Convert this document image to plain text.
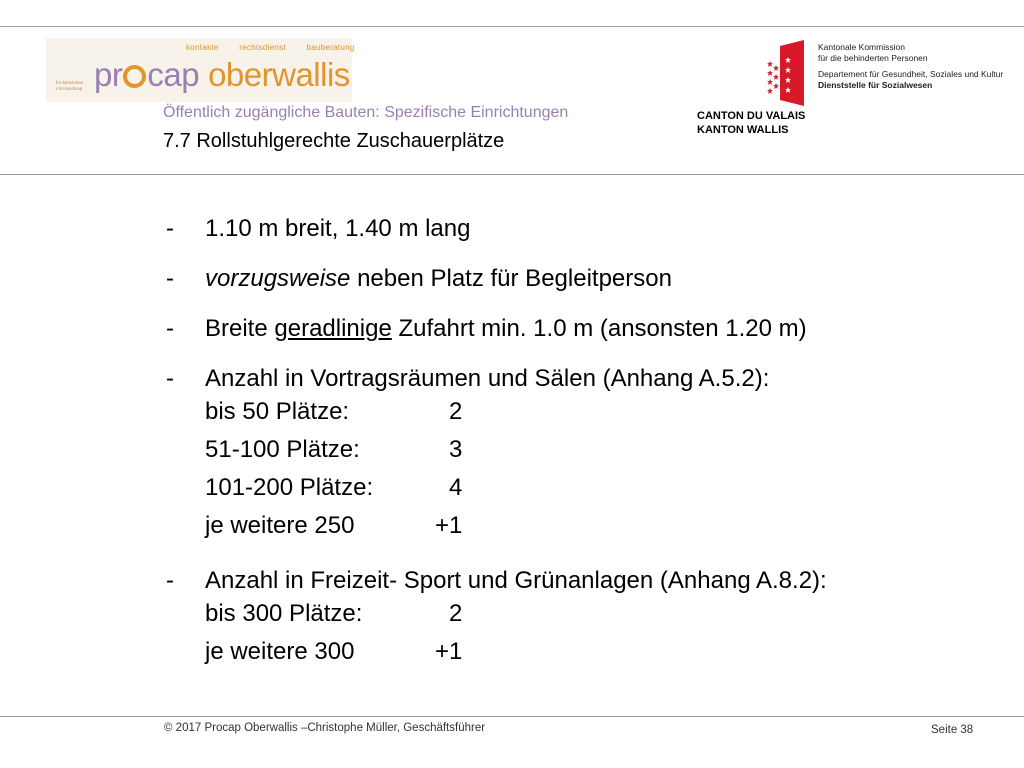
kontakte	rechtsdienst	bauberatung
für Menschen
mit Handicap pr cap oberwallis
Öffentlich zugängliche Bauten: Spezifische Einrichtungen
7.7 Rollstuhlgerechte Zuschauerplätze
CANTON DU VALAIS
KANTON WALLIS
Kantonale Kommission
für die behinderten Personen
Departement für Gesundheit, Soziales und Kultur
Dienststelle für Sozialwesen
- 1.10 m breit, 1.40 m lang
- vorzugsweise neben Platz für Begleitperson
- Breite geradlinige Zufahrt min. 1.0 m (ansonsten 1.20 m)
- Anzahl in Vortragsräumen und Sälen (Anhang A.5.2):
bis 50 Plätze:	2
51-100 Plätze:	3
101-200 Plätze:	4
je weitere 250	+1
- Anzahl in Freizeit- Sport und Grünanlagen (Anhang A.8.2):
bis 300 Plätze:	2
je weitere 300	+1
© 2017 Procap Oberwallis –Christophe Müller, Geschäftsführer	Seite 38
